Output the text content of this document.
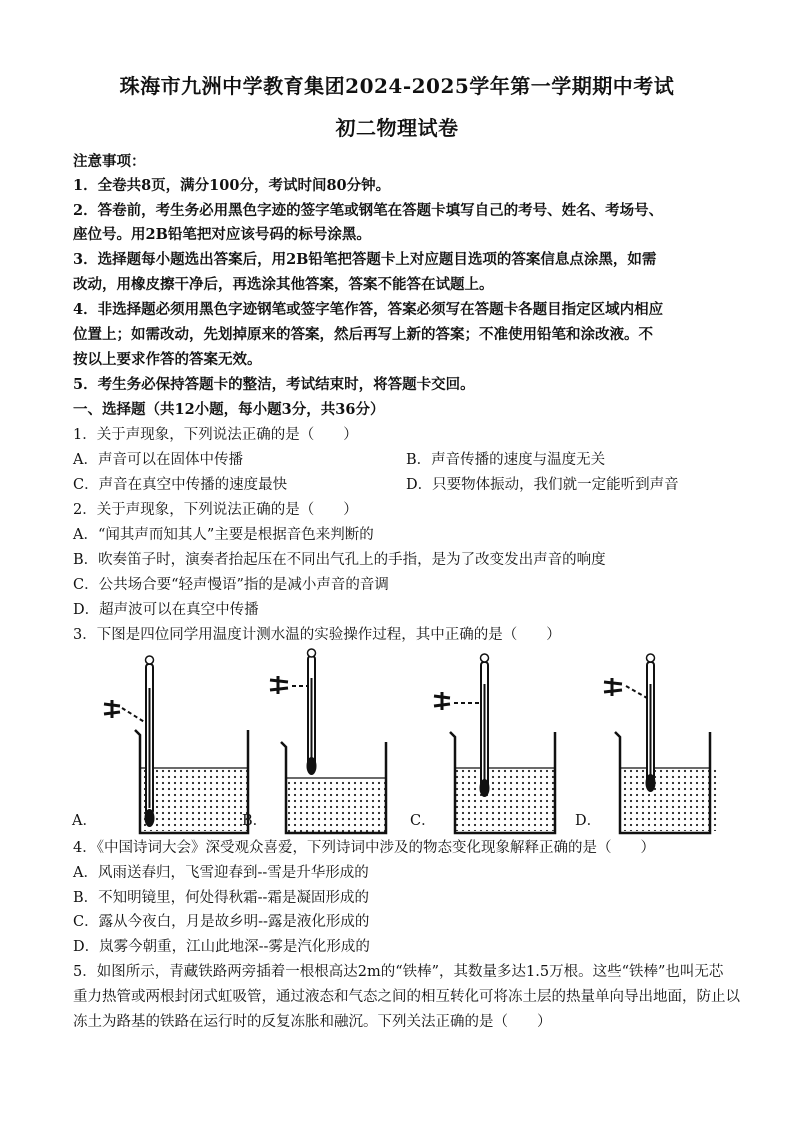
珠海市九洲中学教育集团2024-2025学年第一学期期中考试
初二物理试卷
注意事项：
1．全卷共8页，满分100分，考试时间80分钟。
2．答卷前，考生务必用黑色字迹的签字笔或钢笔在答题卡填写自己的考号、姓名、考场号、
座位号。用2B铅笔把对应该号码的标号涂黑。
3．选择题每小题选出答案后，用2B铅笔把答题卡上对应题目选项的答案信息点涂黑，如需
改动，用橡皮擦干净后，再选涂其他答案，答案不能答在试题上。
4．非选择题必须用黑色字迹钢笔或签字笔作答，答案必须写在答题卡各题目指定区域内相应
位置上；如需改动，先划掉原来的答案，然后再写上新的答案；不准使用铅笔和涂改液。不
按以上要求作答的答案无效。
5．考生务必保持答题卡的整洁，考试结束时，将答题卡交回。
一、选择题（共12小题，每小题3分，共36分）
1．关于声现象，下列说法正确的是（　　）
A．声音可以在固体中传播	B．声音传播的速度与温度无关
C．声音在真空中传播的速度最快	D．只要物体振动，我们就一定能听到声音
2．关于声现象，下列说法正确的是（　　）
A．“闻其声而知其人”主要是根据音色来判断的
B．吹奏笛子时，演奏者抬起压在不同出气孔上的手指，是为了改变发出声音的响度
C．公共场合要“轻声慢语”指的是减小声音的音调
D．超声波可以在真空中传播
3．下图是四位同学用温度计测水温的实验操作过程，其中正确的是（　　）
A．	B．	C．	D．
4．《中国诗词大会》深受观众喜爱，下列诗词中涉及的物态变化现象解释正确的是（　　）
A．风雨送春归，飞雪迎春到--雪是升华形成的
B．不知明镜里，何处得秋霜--霜是凝固形成的
C．露从今夜白，月是故乡明--露是液化形成的
D．岚雾今朝重，江山此地深--雾是汽化形成的
5．如图所示，青藏铁路两旁插着一根根高达2m的“铁棒”，其数量多达1.5万根。这些“铁棒”也叫无芯
重力热管或两根封闭式虹吸管，通过液态和气态之间的相互转化可将冻土层的热量单向导出地面，防止以
冻土为路基的铁路在运行时的反复冻胀和融沉。下列关法正确的是（　　）
